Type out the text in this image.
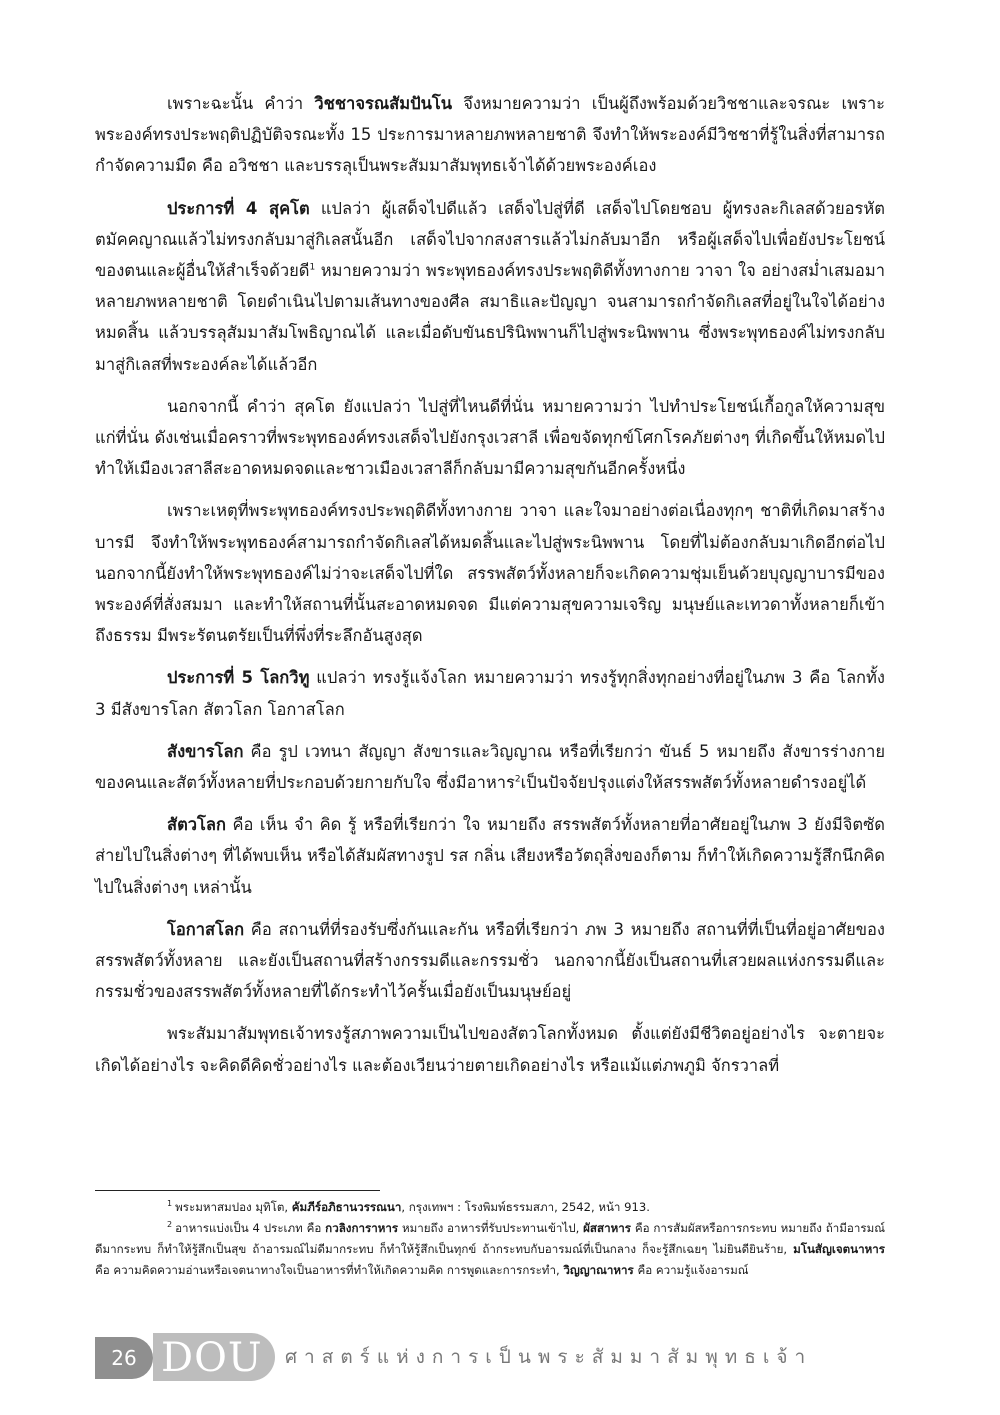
เพราะฉะนั้น คำว่า วิชชาจรณสัมปันโน จึงหมายความว่า เป็นผู้ถึงพร้อมด้วยวิชชาและจรณะ เพราะพระองค์ทรงประพฤติปฏิบัติจรณะทั้ง 15 ประการมาหลายภพหลายชาติ จึงทำให้พระองค์มีวิชชาที่รู้ในสิ่งที่สามารถกำจัดความมืด คือ อวิชชา และบรรลุเป็นพระสัมมาสัมพุทธเจ้าได้ด้วยพระองค์เอง

ประการที่ 4 สุคโต แปลว่า ผู้เสด็จไปดีแล้ว เสด็จไปสู่ที่ดี เสด็จไปโดยชอบ ผู้ทรงละกิเลสด้วยอรหัตตมัคคญาณแล้วไม่ทรงกลับมาสู่กิเลสนั้นอีก เสด็จไปจากสงสารแล้วไม่กลับมาอีก หรือผู้เสด็จไปเพื่อยังประโยชน์ของตนและผู้อื่นให้สำเร็จด้วยดี$^1$ หมายความว่า พระพุทธองค์ทรงประพฤติดีทั้งทางกาย วาจา ใจ อย่างสม่ำเสมอมาหลายภพหลายชาติ โดยดำเนินไปตามเส้นทางของศีล สมาธิและปัญญา จนสามารถกำจัดกิเลสที่อยู่ในใจได้อย่างหมดสิ้น แล้วบรรลุสัมมาสัมโพธิญาณได้ และเมื่อดับขันธปรินิพพานก็ไปสู่พระนิพพาน ซึ่งพระพุทธองค์ไม่ทรงกลับมาสู่กิเลสที่พระองค์ละได้แล้วอีก

นอกจากนี้ คำว่า สุคโต ยังแปลว่า ไปสู่ที่ไหนดีที่นั่น หมายความว่า ไปทำประโยชน์เกื้อกูลให้ความสุขแก่ที่นั่น ดังเช่นเมื่อคราวที่พระพุทธองค์ทรงเสด็จไปยังกรุงเวสาลี เพื่อขจัดทุกข์โศกโรคภัยต่างๆ ที่เกิดขึ้นให้หมดไป ทำให้เมืองเวสาลีสะอาดหมดจดและชาวเมืองเวสาลีก็กลับมามีความสุขกันอีกครั้งหนึ่ง

เพราะเหตุที่พระพุทธองค์ทรงประพฤติดีทั้งทางกาย วาจา และใจมาอย่างต่อเนื่องทุกๆ ชาติที่เกิดมาสร้างบารมี จึงทำให้พระพุทธองค์สามารถกำจัดกิเลสได้หมดสิ้นและไปสู่พระนิพพาน โดยที่ไม่ต้องกลับมาเกิดอีกต่อไป นอกจากนี้ยังทำให้พระพุทธองค์ไม่ว่าจะเสด็จไปที่ใด สรรพสัตว์ทั้งหลายก็จะเกิดความชุ่มเย็นด้วยบุญญาบารมีของพระองค์ที่สั่งสมมา และทำให้สถานที่นั้นสะอาดหมดจด มีแต่ความสุขความเจริญ มนุษย์และเทวดาทั้งหลายก็เข้าถึงธรรม มีพระรัตนตรัยเป็นที่พึ่งที่ระลึกอันสูงสุด

ประการที่ 5 โลกวิทู แปลว่า ทรงรู้แจ้งโลก หมายความว่า ทรงรู้ทุกสิ่งทุกอย่างที่อยู่ในภพ 3 คือ โลกทั้ง 3 มีสังขารโลก สัตวโลก โอกาสโลก

สังขารโลก คือ รูป เวทนา สัญญา สังขารและวิญญาณ หรือที่เรียกว่า ขันธ์ 5 หมายถึง สังขารร่างกายของคนและสัตว์ทั้งหลายที่ประกอบด้วยกายกับใจ ซึ่งมีอาหาร$^2$เป็นปัจจัยปรุงแต่งให้สรรพสัตว์ทั้งหลายดำรงอยู่ได้

สัตวโลก คือ เห็น จำ คิด รู้ หรือที่เรียกว่า ใจ หมายถึง สรรพสัตว์ทั้งหลายที่อาศัยอยู่ในภพ 3 ยังมีจิตซัดส่ายไปในสิ่งต่างๆ ที่ได้พบเห็น หรือได้สัมผัสทางรูป รส กลิ่น เสียงหรือวัตถุสิ่งของก็ตาม ก็ทำให้เกิดความรู้สึกนึกคิดไปในสิ่งต่างๆ เหล่านั้น

โอกาสโลก คือ สถานที่ที่รองรับซึ่งกันและกัน หรือที่เรียกว่า ภพ 3 หมายถึง สถานที่ที่เป็นที่อยู่อาศัยของสรรพสัตว์ทั้งหลาย และยังเป็นสถานที่สร้างกรรมดีและกรรมชั่ว นอกจากนี้ยังเป็นสถานที่เสวยผลแห่งกรรมดีและกรรมชั่วของสรรพสัตว์ทั้งหลายที่ได้กระทำไว้ครั้นเมื่อยังเป็นมนุษย์อยู่

พระสัมมาสัมพุทธเจ้าทรงรู้สภาพความเป็นไปของสัตวโลกทั้งหมด ตั้งแต่ยังมีชีวิตอยู่อย่างไร จะตายจะเกิดได้อย่างไร จะคิดดีคิดชั่วอย่างไร และต้องเวียนว่ายตายเกิดอย่างไร หรือแม้แต่ภพภูมิ จักรวาลที่

$^1$ พระมหาสมปอง มุทิโต, คัมภีร์อภิธานวรรณนา, กรุงเทพฯ : โรงพิมพ์ธรรมสภา, 2542, หน้า 913.

$^2$ อาหารแบ่งเป็น 4 ประเภท คือ กวลิงการาหาร หมายถึง อาหารที่รับประทานเข้าไป, ผัสสาหาร คือ การสัมผัสหรือการกระทบ หมายถึง ถ้ามีอารมณ์ดีมากระทบ ก็ทำให้รู้สึกเป็นสุข ถ้าอารมณ์ไม่ดีมากระทบ ก็ทำให้รู้สึกเป็นทุกข์ ถ้ากระทบกับอารมณ์ที่เป็นกลาง ก็จะรู้สึกเฉยๆ ไม่ยินดียินร้าย, มโนสัญเจตนาหาร คือ ความคิดความอ่านหรือเจตนาทางใจเป็นอาหารที่ทำให้เกิดความคิด การพูดและการกระทำ, วิญญาณาหาร คือ ความรู้แจ้งอารมณ์

DOU
26	ศาสตร์แห่งการเป็นพระสัมมาสัมพุทธเจ้า
